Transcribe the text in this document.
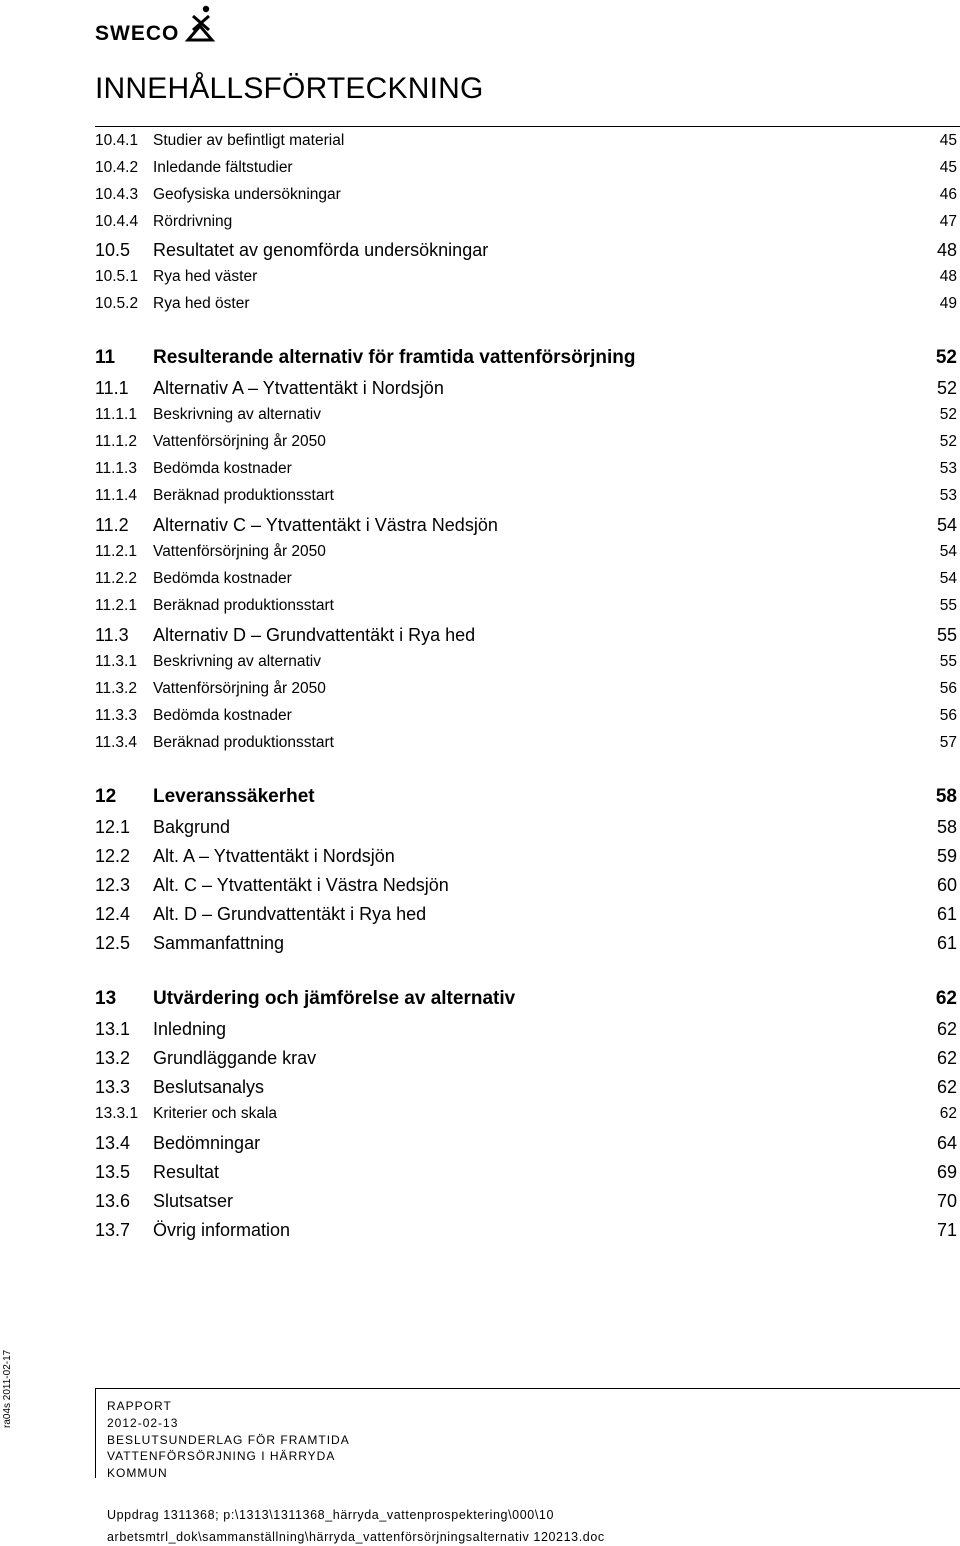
SWECO
INNEHÅLLSFÖRTECKNING
10.4.1 Studier av befintligt material	45
10.4.2 Inledande fältstudier	45
10.4.3 Geofysiska undersökningar	46
10.4.4 Rördrivning	47
10.5 Resultatet av genomförda undersökningar	48
10.5.1 Rya hed väster	48
10.5.2 Rya hed öster	49
11 Resulterande alternativ för framtida vattenförsörjning	52
11.1 Alternativ A – Ytvattentäkt i Nordsjön	52
11.1.1 Beskrivning av alternativ	52
11.1.2 Vattenförsörjning år 2050	52
11.1.3 Bedömda kostnader	53
11.1.4 Beräknad produktionsstart	53
11.2 Alternativ C – Ytvattentäkt i Västra Nedsjön	54
11.2.1 Vattenförsörjning år 2050	54
11.2.2 Bedömda kostnader	54
11.2.1 Beräknad produktionsstart	55
11.3 Alternativ D – Grundvattentäkt i Rya hed	55
11.3.1 Beskrivning av alternativ	55
11.3.2 Vattenförsörjning år 2050	56
11.3.3 Bedömda kostnader	56
11.3.4 Beräknad produktionsstart	57
12 Leveranssäkerhet	58
12.1 Bakgrund	58
12.2 Alt. A – Ytvattentäkt i Nordsjön	59
12.3 Alt. C – Ytvattentäkt i Västra Nedsjön	60
12.4 Alt. D – Grundvattentäkt i Rya hed	61
12.5 Sammanfattning	61
13 Utvärdering och jämförelse av alternativ	62
13.1 Inledning	62
13.2 Grundläggande krav	62
13.3 Beslutsanalys	62
13.3.1 Kriterier och skala	62
13.4 Bedömningar	64
13.5 Resultat	69
13.6 Slutsatser	70
13.7 Övrig information	71
ra04s 2011-02-17	RAPPORT
2012-02-13
BESLUTSUNDERLAG FÖR FRAMTIDA
VATTENFÖRSÖRJNING I HÄRRYDA
KOMMUN
Uppdrag 1311368; p:\1313\1311368_härryda_vattenprospektering\000\10
arbetsmtrl_dok\sammanställning\härryda_vattenförsörjningsalternativ 120213.doc
